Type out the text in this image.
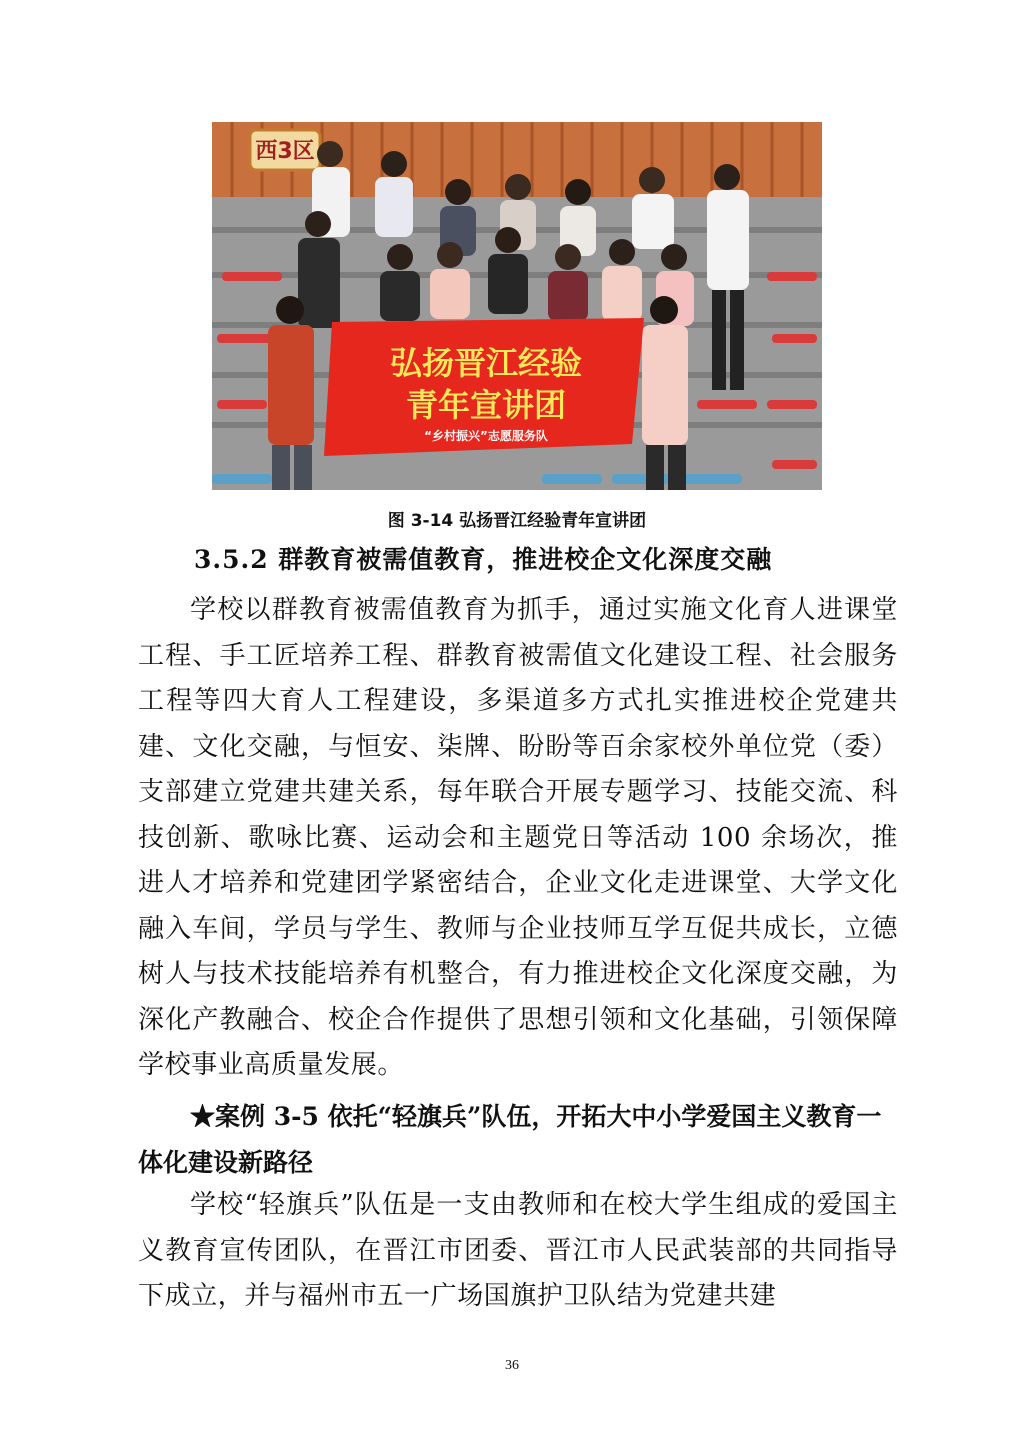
西3区
弘扬晋江经验
青年宣讲团
“乡村振兴”志愿服务队
图 3-14 弘扬晋江经验青年宣讲团
3.5.2 群教育被需值教育，推进校企文化深度交融

学校以群教育被需值教育为抓手，通过实施文化育人进课堂工程、手工匠培养工程、群教育被需值文化建设工程、社会服务工程等四大育人工程建设，多渠道多方式扎实推进校企党建共建、文化交融，与恒安、柒牌、盼盼等百余家校外单位党（委）支部建立党建共建关系，每年联合开展专题学习、技能交流、科技创新、歌咏比赛、运动会和主题党日等活动 100 余场次，推进人才培养和党建团学紧密结合，企业文化走进课堂、大学文化融入车间，学员与学生、教师与企业技师互学互促共成长，立德树人与技术技能培养有机整合，有力推进校企文化深度交融，为深化产教融合、校企合作提供了思想引领和文化基础，引领保障学校事业高质量发展。

★案例 3-5 依托“轻旗兵”队伍，开拓大中小学爱国主义教育一体化建设新路径

学校“轻旗兵”队伍是一支由教师和在校大学生组成的爱国主义教育宣传团队，在晋江市团委、晋江市人民武装部的共同指导下成立，并与福州市五一广场国旗护卫队结为党建共建

36
